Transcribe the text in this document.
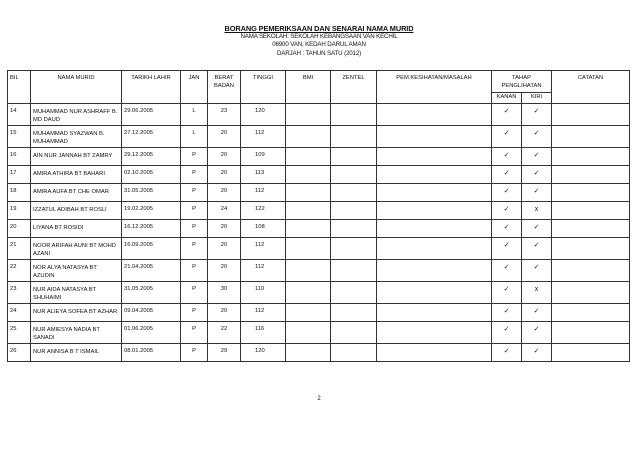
BORANG PEMERIKSAAN DAN SENARAI NAMA MURID
NAMA SEKOLAH: SEKOLAH KEBANGSAAN VAN KECHIL
06900 VAN, KEDAH DARUL AMAN
DARJAH : TAHUN SATU (2012)
BIL	NAMA MURID	TARIKH LAHIR	JAN	BERAT BADAN	TINGGI	BMI	ZENTEL	PEM.KESIHATAN/MASALAH	TAHAP PENGLIHATAN		CATATAN
									KANAN	KIRI	
14	MUHAMMAD NUR ASHRAFF B. MD DAUD	29.06.2005	L	23	120				✓	✓	
15	MUHAMMAD SYAZWAN B. MUHAMMAD	27.12.2005	L	20	112				✓	✓	
16	AIN NUR JANNAH BT ZAMRY	29.12.2005	P	20	109				✓	✓	
17	AMIRA ATHIRA BT BAHARI	02.10.2005	P	20	113				✓	✓	
18	AMIRA AUFA BT CHE OMAR	31.05.2005	P	20	112				✓	✓	
19	IZZATUL ADIBAH BT ROSLI	19.02.2005	P	24	122				✓	x	
20	LIYANA BT ROSIDI	16.12.2005	P	20	108				✓	✓	
21	NOOR ARIFAH AUNI BT MOHD AZANI	16.09.2005	P	20	112				✓	✓	
22	NOR ALYA NATASYA BT AZUDIN	21.04.2005	P	20	112				✓	✓	
23	NUR AIDA NATASYA BT SHUHAIMI	31.05.2005	P	30	110				✓	x	
24	NUR ALIEYA SOFEA BT AZHAR	09.04.2005	P	20	112				✓	✓	
25	NUR AMIESYA NADIA BT SANADI	01.06.2005	P	22	116				✓	✓	
26	NUR ANNISA B T ISMAIL	08.01.2005	P	29	120				✓	✓	
2
